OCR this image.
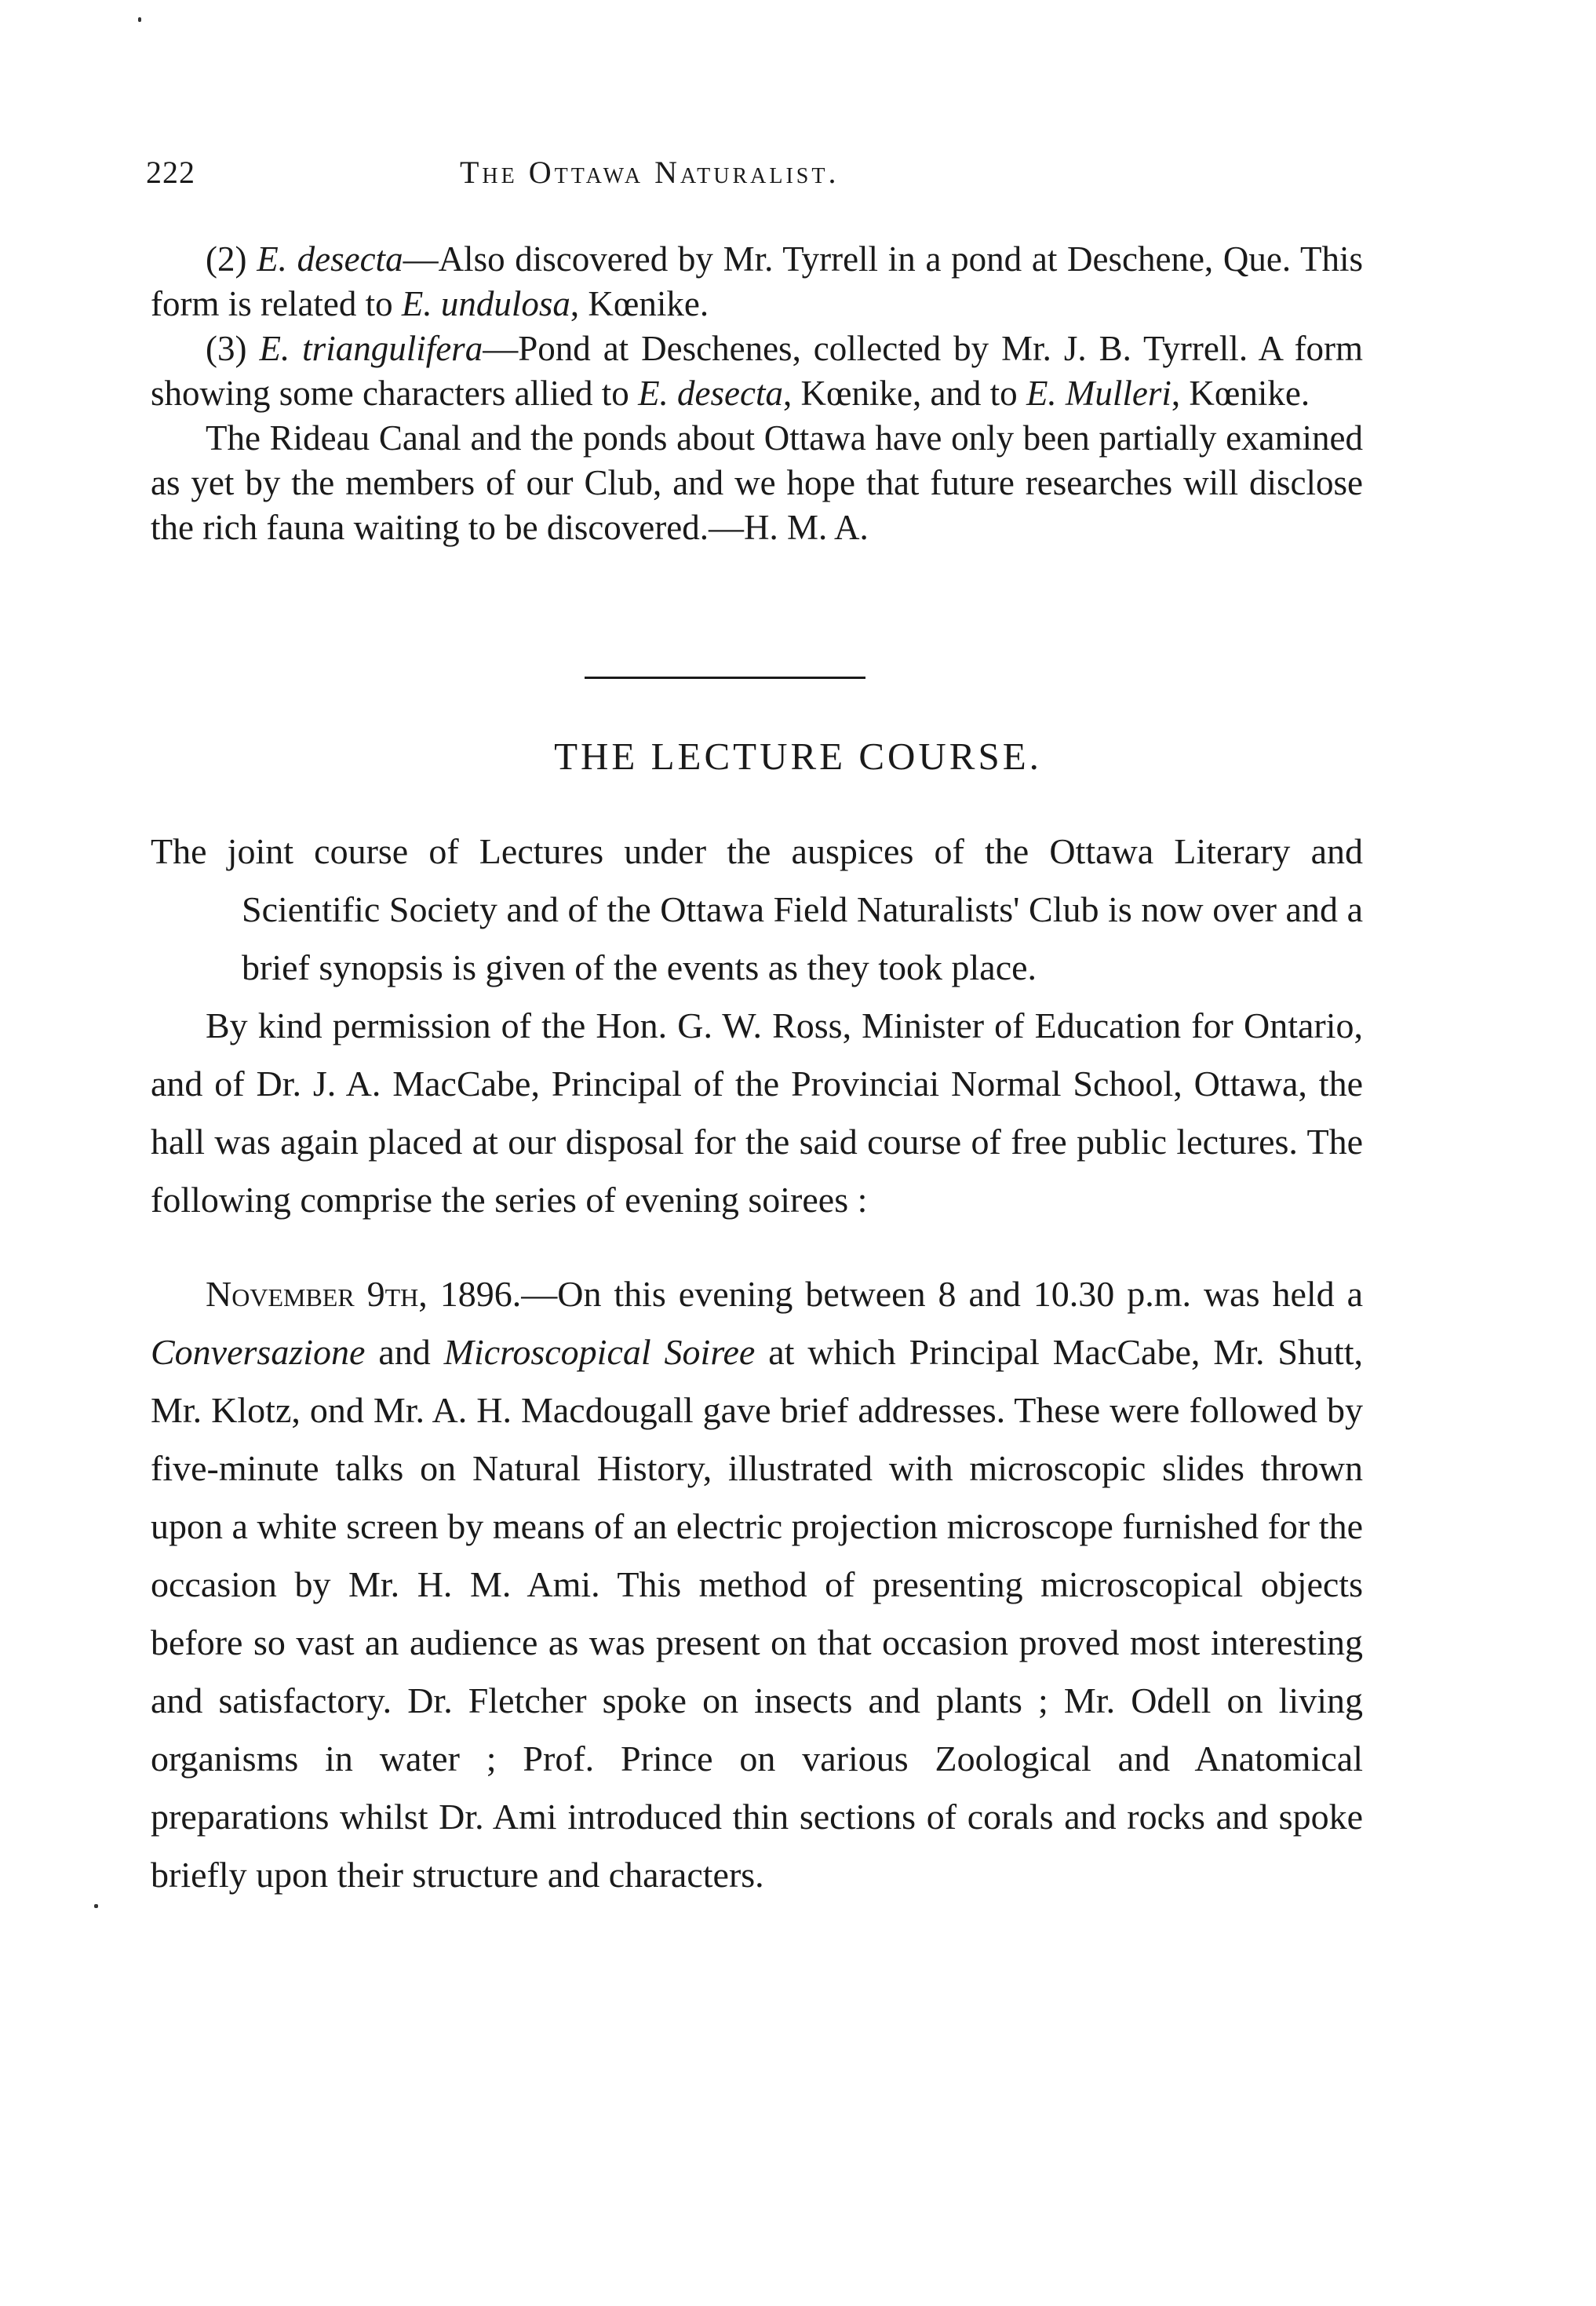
222	The Ottawa Naturalist.

(2) E. desecta—Also discovered by Mr. Tyrrell in a pond at Deschene, Que. This form is related to E. undulosa, Kœnike.

(3) E. triangulifera—Pond at Deschenes, collected by Mr. J. B. Tyrrell. A form showing some characters allied to E. desecta, Kœnike, and to E. Mulleri, Kœnike.

The Rideau Canal and the ponds about Ottawa have only been partially examined as yet by the members of our Club, and we hope that future researches will disclose the rich fauna waiting to be discovered.—H. M. A.

THE LECTURE COURSE.

The joint course of Lectures under the auspices of the Ottawa Literary and Scientific Society and of the Ottawa Field Naturalists' Club is now over and a brief synopsis is given of the events as they took place.

By kind permission of the Hon. G. W. Ross, Minister of Education for Ontario, and of Dr. J. A. MacCabe, Principal of the Provinciai Normal School, Ottawa, the hall was again placed at our disposal for the said course of free public lectures. The following comprise the series of evening soirees :

November 9th, 1896.—On this evening between 8 and 10.30 p.m. was held a Conversazione and Microscopical Soiree at which Principal MacCabe, Mr. Shutt, Mr. Klotz, ond Mr. A. H. Macdougall gave brief addresses. These were followed by five-minute talks on Natural History, illustrated with microscopic slides thrown upon a white screen by means of an electric projection microscope furnished for the occasion by Mr. H. M. Ami. This method of presenting microscopical objects before so vast an audience as was present on that occasion proved most interesting and satisfactory. Dr. Fletcher spoke on insects and plants ; Mr. Odell on living organisms in water ; Prof. Prince on various Zoological and Anatomical preparations whilst Dr. Ami introduced thin sections of corals and rocks and spoke briefly upon their structure and characters.
